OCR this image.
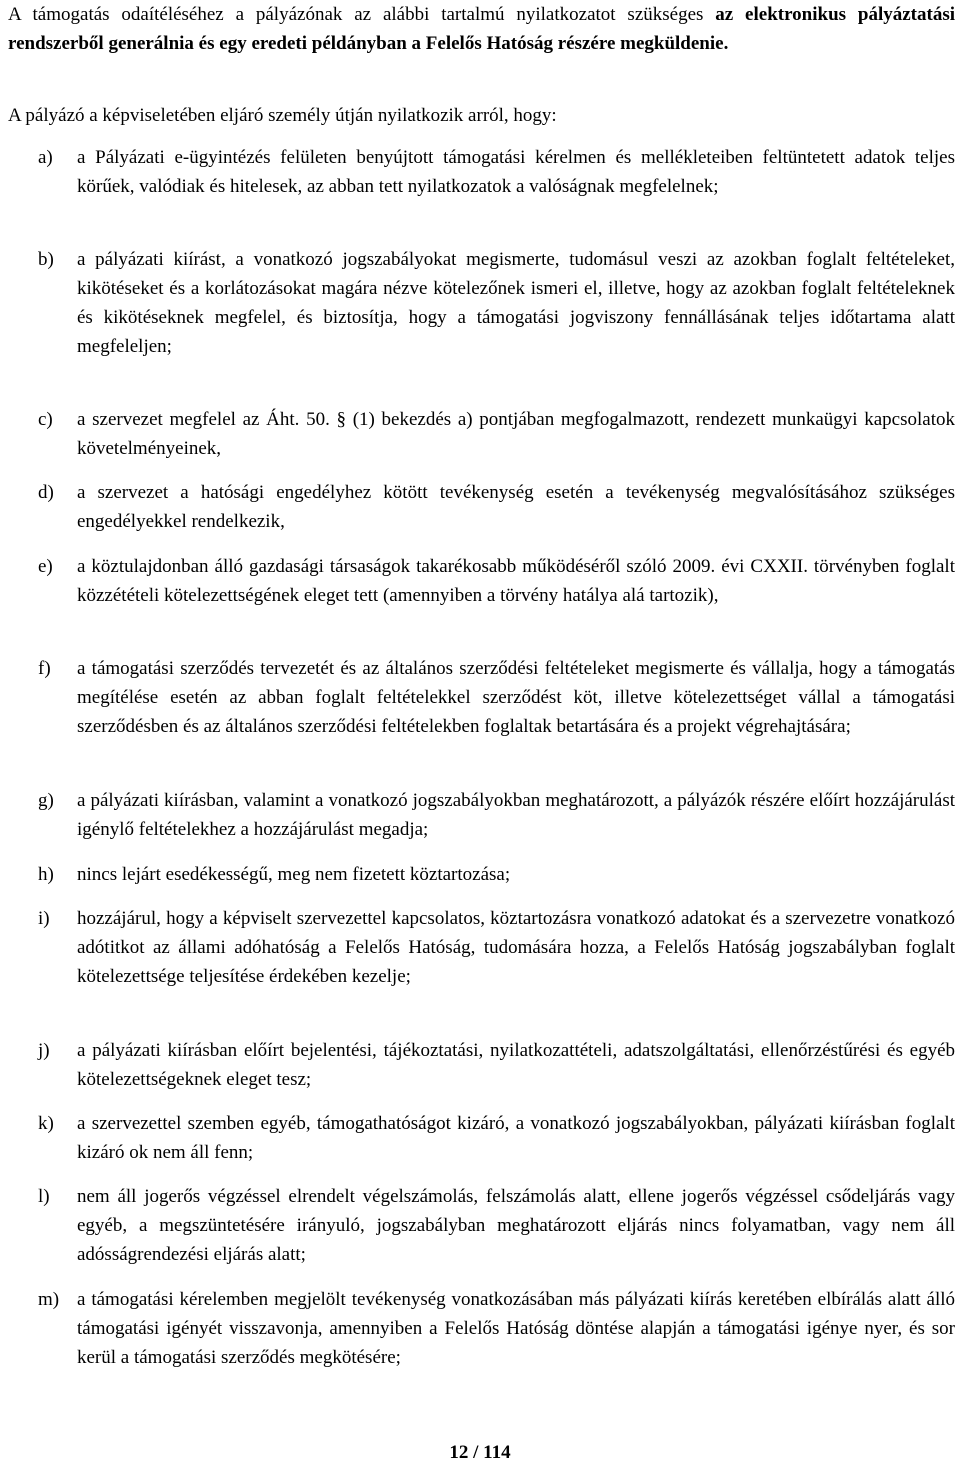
A támogatás odaítéléséhez a pályázónak az alábbi tartalmú nyilatkozatot szükséges az elektronikus pályáztatási rendszerből generálnia és egy eredeti példányban a Felelős Hatóság részére megküldenie.

A pályázó a képviseletében eljáró személy útján nyilatkozik arról, hogy:

a)	a Pályázati e-ügyintézés felületen benyújtott támogatási kérelmen és mellékleteiben feltüntetett adatok teljes körűek, valódiak és hitelesek, az abban tett nyilatkozatok a valóságnak megfelelnek;
b)	a pályázati kiírást, a vonatkozó jogszabályokat megismerte, tudomásul veszi az azokban foglalt feltételeket, kikötéseket és a korlátozásokat magára nézve kötelezőnek ismeri el, illetve, hogy az azokban foglalt feltételeknek és kikötéseknek megfelel, és biztosítja, hogy a támogatási jogviszony fennállásának teljes időtartama alatt megfeleljen;
c)	a szervezet megfelel az Áht. 50. § (1) bekezdés a) pontjában megfogalmazott, rendezett munkaügyi kapcsolatok követelményeinek,
d)	a szervezet a hatósági engedélyhez kötött tevékenység esetén a tevékenység megvalósításához szükséges engedélyekkel rendelkezik,
e)	a köztulajdonban álló gazdasági társaságok takarékosabb működéséről szóló 2009. évi CXXII. törvényben foglalt közzétételi kötelezettségének eleget tett (amennyiben a törvény hatálya alá tartozik),
f)	a támogatási szerződés tervezetét és az általános szerződési feltételeket megismerte és vállalja, hogy a támogatás megítélése esetén az abban foglalt feltételekkel szerződést köt, illetve kötelezettséget vállal a támogatási szerződésben és az általános szerződési feltételekben foglaltak betartására és a projekt végrehajtására;
g)	a pályázati kiírásban, valamint a vonatkozó jogszabályokban meghatározott, a pályázók részére előírt hozzájárulást igénylő feltételekhez a hozzájárulást megadja;
h)	nincs lejárt esedékességű, meg nem fizetett köztartozása;
i)	hozzájárul, hogy a képviselt szervezettel kapcsolatos, köztartozásra vonatkozó adatokat és a szervezetre vonatkozó adótitkot az állami adóhatóság a Felelős Hatóság, tudomására hozza, a Felelős Hatóság jogszabályban foglalt kötelezettsége teljesítése érdekében kezelje;
j)	a pályázati kiírásban előírt bejelentési, tájékoztatási, nyilatkozattételi, adatszolgáltatási, ellenőrzéstűrési és egyéb kötelezettségeknek eleget tesz;
k)	a szervezettel szemben egyéb, támogathatóságot kizáró, a vonatkozó jogszabályokban, pályázati kiírásban foglalt kizáró ok nem áll fenn;
l)	nem áll jogerős végzéssel elrendelt végelszámolás, felszámolás alatt, ellene jogerős végzéssel csődeljárás vagy egyéb, a megszüntetésére irányuló, jogszabályban meghatározott eljárás nincs folyamatban, vagy nem áll adósságrendezési eljárás alatt;
m) a támogatási kérelemben megjelölt tevékenység vonatkozásában más pályázati kiírás keretében elbírálás alatt álló támogatási igényét visszavonja, amennyiben a Felelős Hatóság döntése alapján a támogatási igénye nyer, és sor kerül a támogatási szerződés megkötésére;
12 / 114
